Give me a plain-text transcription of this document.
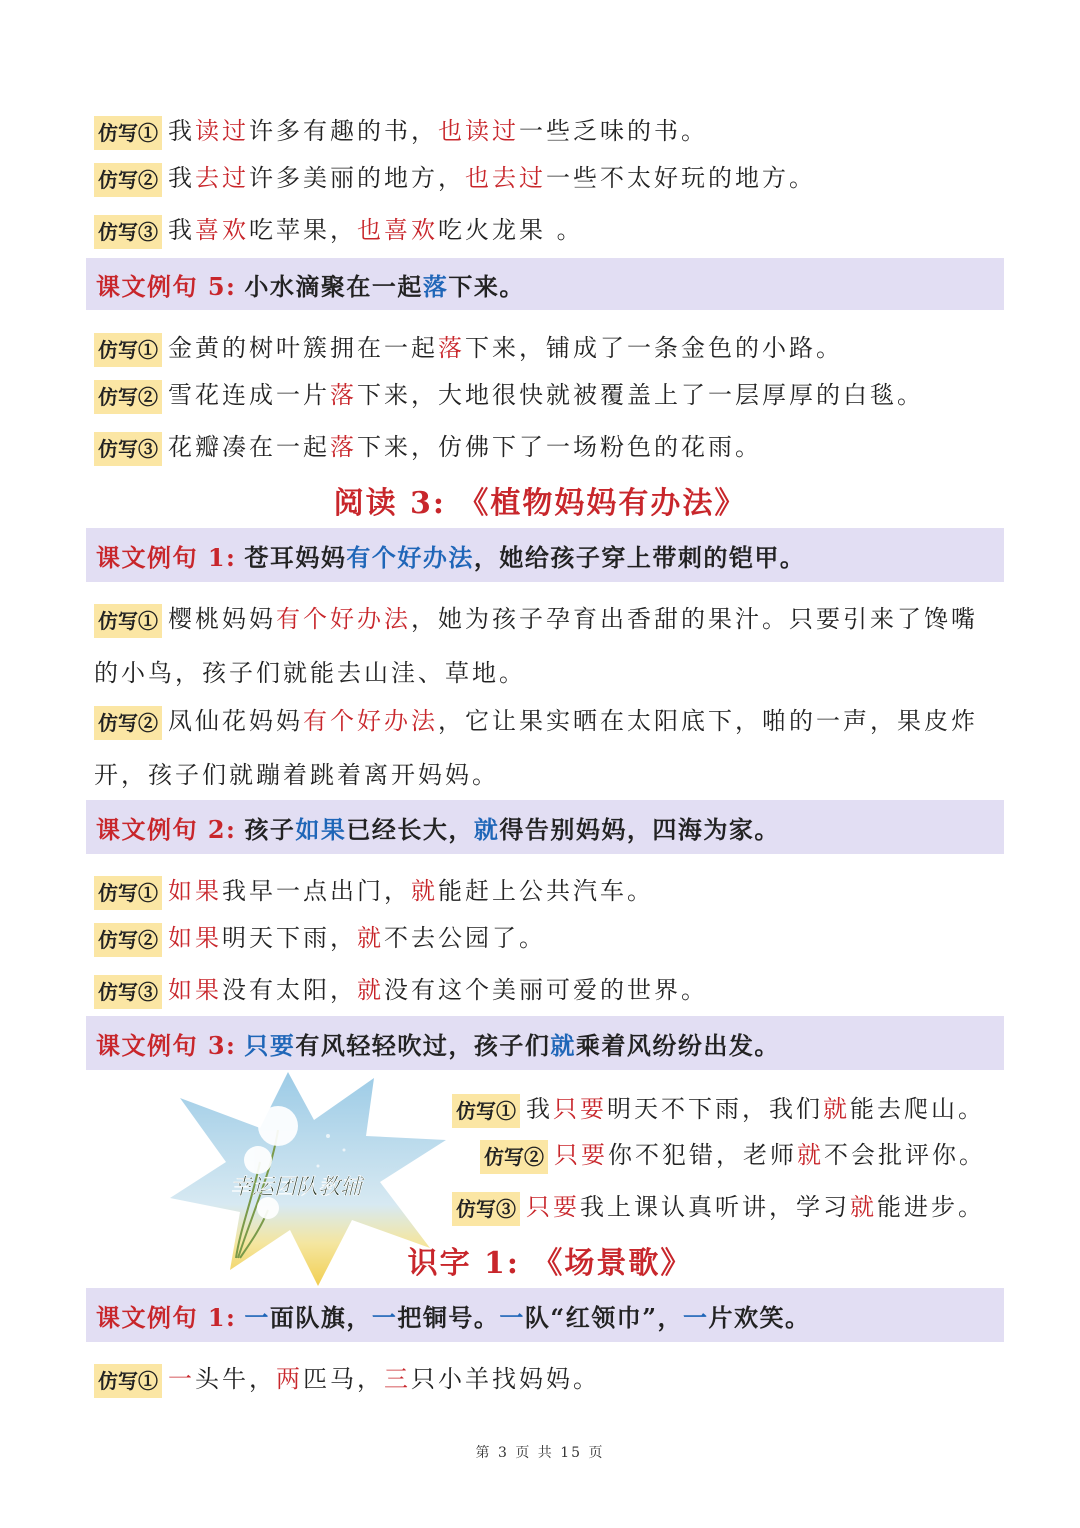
仿写① 我读过许多有趣的书，也读过一些乏味的书。
仿写② 我去过许多美丽的地方，也去过一些不太好玩的地方。
仿写③ 我喜欢吃苹果，也喜欢吃火龙果 。
课文例句 5: 小水滴聚在一起 落 下来。
仿写① 金黄的树叶簇拥在一起落下来，铺成了一条金色的小路。
仿写② 雪花连成一片落下来，大地很快就被覆盖上了一层厚厚的白毯。
仿写③ 花瓣凑在一起落下来，仿佛下了一场粉色的花雨。
阅读 3: 《植物妈妈有办法》
课文例句 1: 苍耳妈妈 有个好办法 ，她给孩子穿上带刺的铠甲。
仿写① 樱桃妈妈有个好办法，她为孩子孕育出香甜的果汁。只要引来了馋嘴的小鸟，孩子们就能去山洼、草地。
仿写② 凤仙花妈妈有个好办法，它让果实晒在太阳底下，啪的一声，果皮炸开，孩子们就蹦着跳着离开妈妈。
课文例句 2: 孩子 如果 已经长大， 就 得告别妈妈，四海为家。
仿写① 如果我早一点出门，就能赶上公共汽车。
仿写② 如果明天下雨，就不去公园了。
仿写③ 如果没有太阳，就没有这个美丽可爱的世界。
课文例句 3: 只要 有风轻轻吹过，孩子们 就 乘着风纷纷出发。
幸运团队教辅
仿写① 我只要明天不下雨，我们就能去爬山。
仿写② 只要你不犯错，老师就不会批评你。
仿写③ 只要我上课认真听讲，学习就能进步。
识字 1: 《场景歌》
课文例句 1: 一 面队旗， 一 把铜号。 一 队“红领巾”， 一 片欢笑。
仿写① 一头牛，两匹马，三只小羊找妈妈。
第 3 页 共 15 页
